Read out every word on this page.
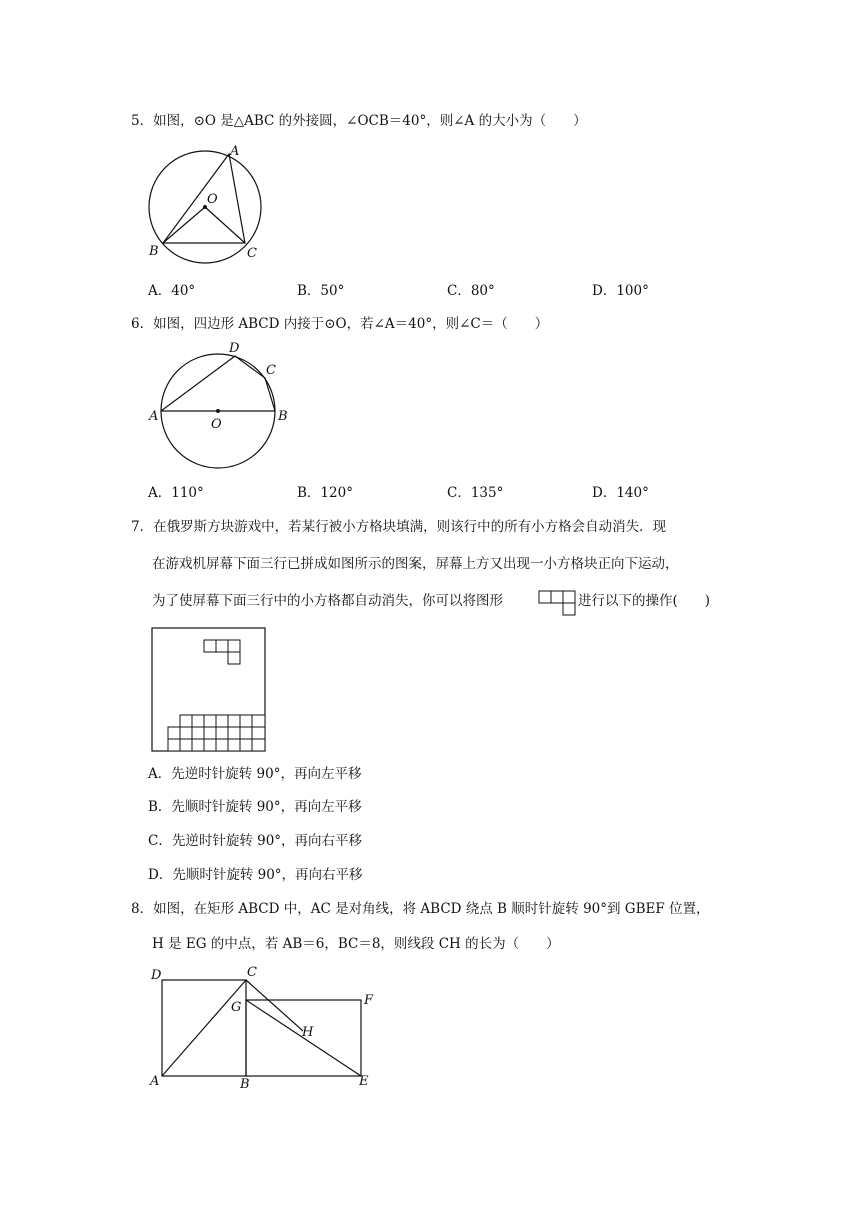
5．如图，⊙O 是△ABC 的外接圆，∠OCB＝40°，则∠A 的大小为（　　）
A
O
B	C
A．40°	B．50°	C．80°	D．100°
6．如图，四边形 ABCD 内接于⊙O，若∠A＝40°，则∠C＝（　　）
D
C
A
O
B
A．110°	B．120°	C．135°	D．140°
7．在俄罗斯方块游戏中，若某行被小方格块填满，则该行中的所有小方格会自动消失．现
在游戏机屏幕下面三行已拼成如图所示的图案，屏幕上方又出现一小方格块正向下运动，
为了使屏幕下面三行中的小方格都自动消失，你可以将图形	进行以下的操作(　　)
A．先逆时针旋转 90°，再向左平移
B．先顺时针旋转 90°，再向左平移
C．先逆时针旋转 90°，再向右平移
D．先顺时针旋转 90°，再向右平移
8．如图，在矩形 ABCD 中，AC 是对角线，将 ABCD 绕点 B 顺时针旋转 90°到 GBEF 位置，
H 是 EG 的中点，若 AB＝6，BC＝8，则线段 CH 的长为（　　）
D	C
G	F
H
A	B	E
